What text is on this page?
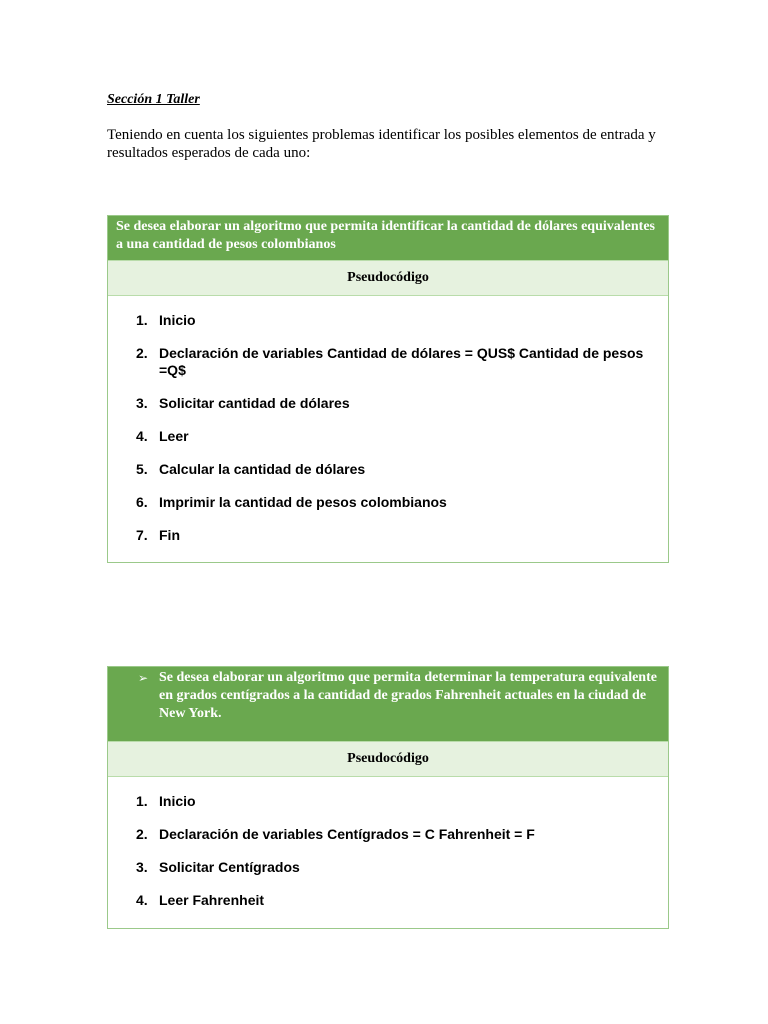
Sección 1 Taller

Teniendo en cuenta los siguientes problemas identificar los posibles elementos de entrada y resultados esperados de cada uno:

Se desea elaborar un algoritmo que permita identificar la cantidad de dólares equivalentes a una cantidad de pesos colombianos
Pseudocódigo
1. Inicio
2. Declaración de variables Cantidad de dólares = QUS$ Cantidad de pesos =Q$
3. Solicitar cantidad de dólares
4. Leer
5. Calcular la cantidad de dólares
6. Imprimir la cantidad de pesos colombianos
7. Fin
➢ Se desea elaborar un algoritmo que permita determinar la temperatura equivalente en grados centígrados a la cantidad de grados Fahrenheit actuales en la ciudad de New York.
Pseudocódigo
1. Inicio
2. Declaración de variables Centígrados = C Fahrenheit = F
3. Solicitar Centígrados
4. Leer Fahrenheit
